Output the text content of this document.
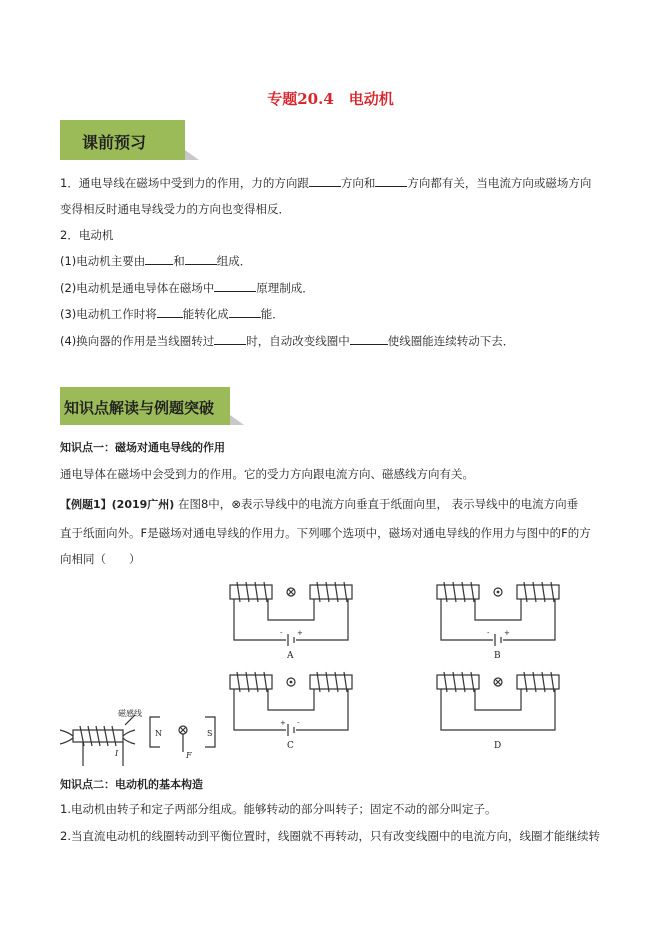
专题20.4　电动机
课前预习
1．通电导线在磁场中受到力的作用，力的方向跟	方向和	方向都有关，当电流方向或磁场方向
变得相反时通电导线受力的方向也变得相反．
2．电动机
(1)电动机主要由 和	组成．
(2)电动机是通电导体在磁场中	原理制成．
(3)电动机工作时将 能转化成	能．
(4)换向器的作用是当线圈转过	时，自动改变线圈中	使线圈能连续转动下去．
知识点解读与例题突破
知识点一：磁场对通电导线的作用
通电导体在磁场中会受到力的作用。它的受力方向跟电流方向、磁感线方向有关。
【例题1】(2019广州) 在图8中，⊗表示导线中的电流方向垂直于纸面向里， 表示导线中的电流方向垂
直于纸面向外。F是磁场对通电导线的作用力。下列哪个选项中，磁场对通电导线的作用力与图中的F的方
向相同（　　）
磁感线
N	S
F
I
- +
A
- +
B
+ -
C	D
知识点二：电动机的基本构造
1.电动机由转子和定子两部分组成。能够转动的部分叫转子；固定不动的部分叫定子。
2.当直流电动机的线圈转动到平衡位置时，线圈就不再转动，只有改变线圈中的电流方向，线圈才能继续转
